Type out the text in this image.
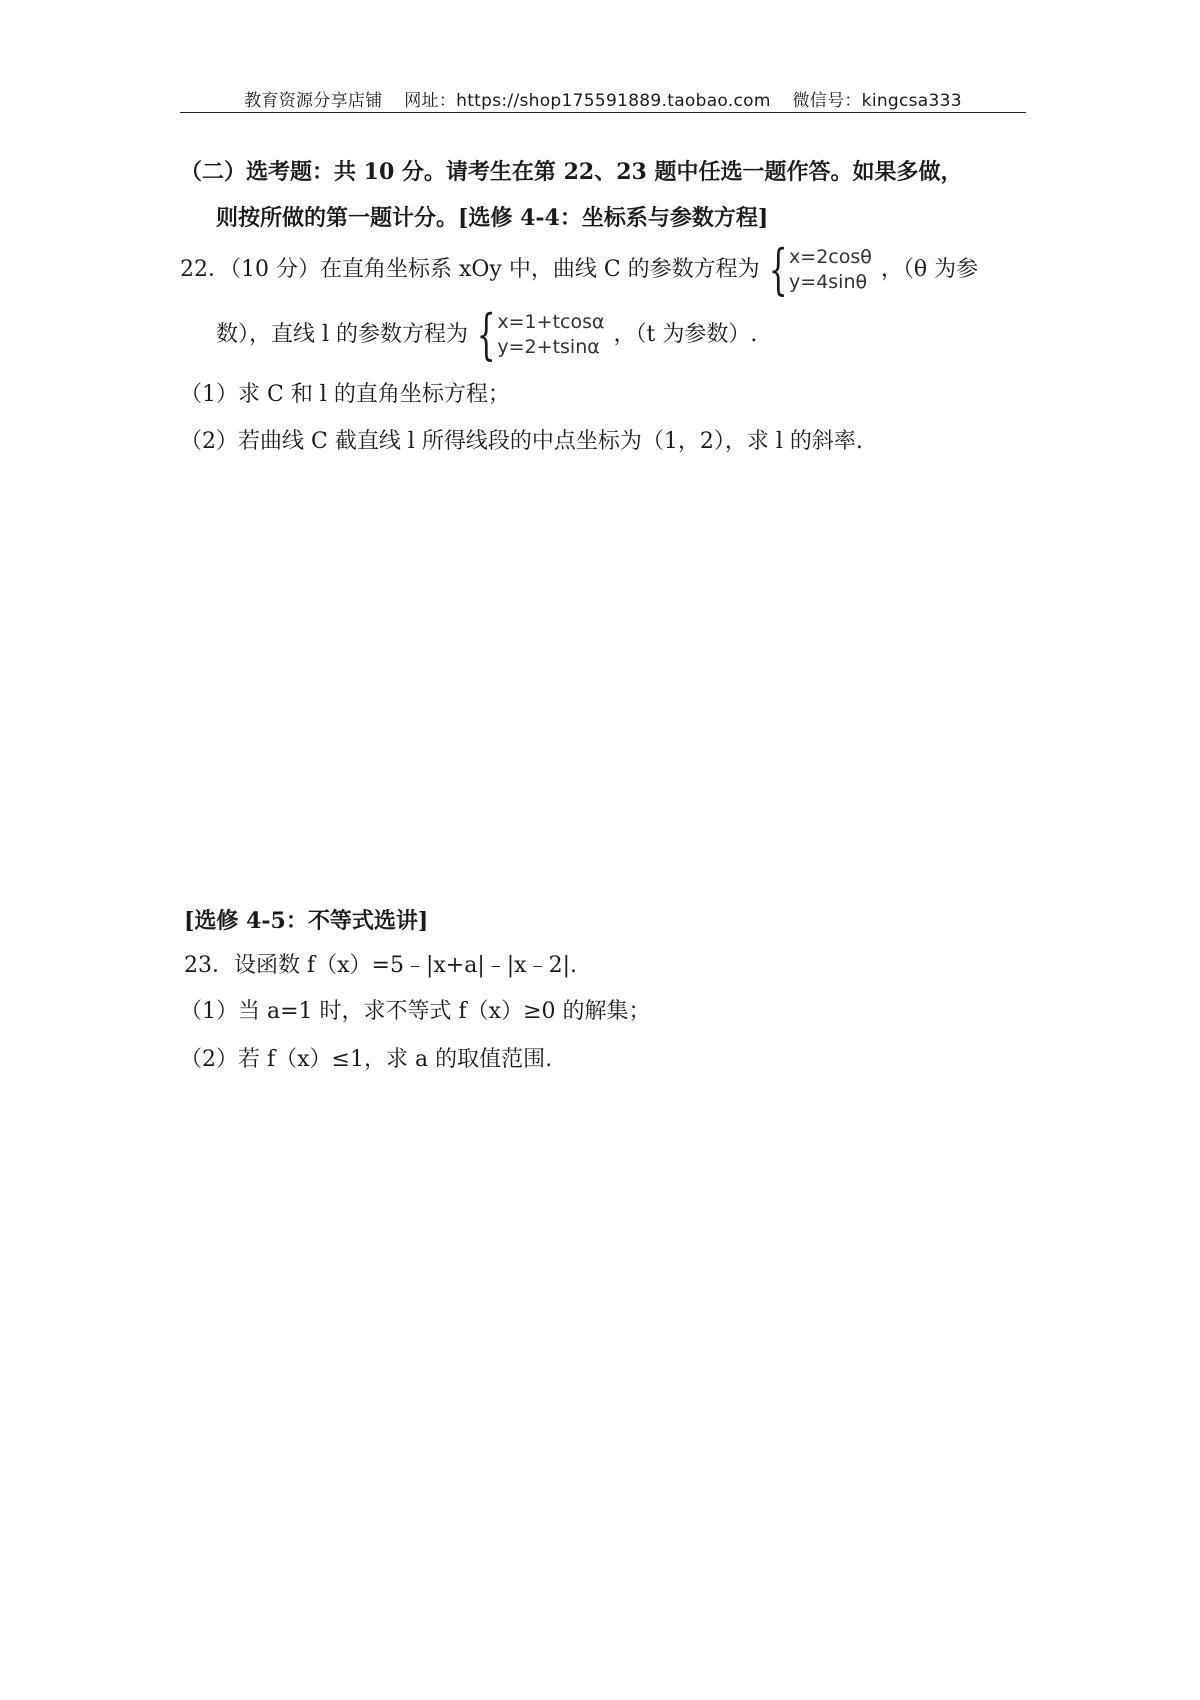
教育资源分享店铺 网址：https://shop175591889.taobao.com 微信号：kingcsa333
（二）选考题：共 10 分。请考生在第 22、23 题中任选一题作答。如果多做，
则按所做的第一题计分。[选修 4-4：坐标系与参数方程]
22．（10 分）在直角坐标系 xOy 中，曲线 C 的参数方程为 { x=2cosθ
y=4sinθ ，（θ 为参
数），直线 l 的参数方程为 { x=1+tcosα
y=2+tsinα ，（t 为参数）.
（1）求 C 和 l 的直角坐标方程；
（2）若曲线 C 截直线 l 所得线段的中点坐标为（1，2），求 l 的斜率.
[选修 4-5：不等式选讲]
23．设函数 f（x）=5﹣|x+a|﹣|x﹣2|.
（1）当 a=1 时，求不等式 f（x）≥0 的解集；
（2）若 f（x）≤1，求 a 的取值范围.
